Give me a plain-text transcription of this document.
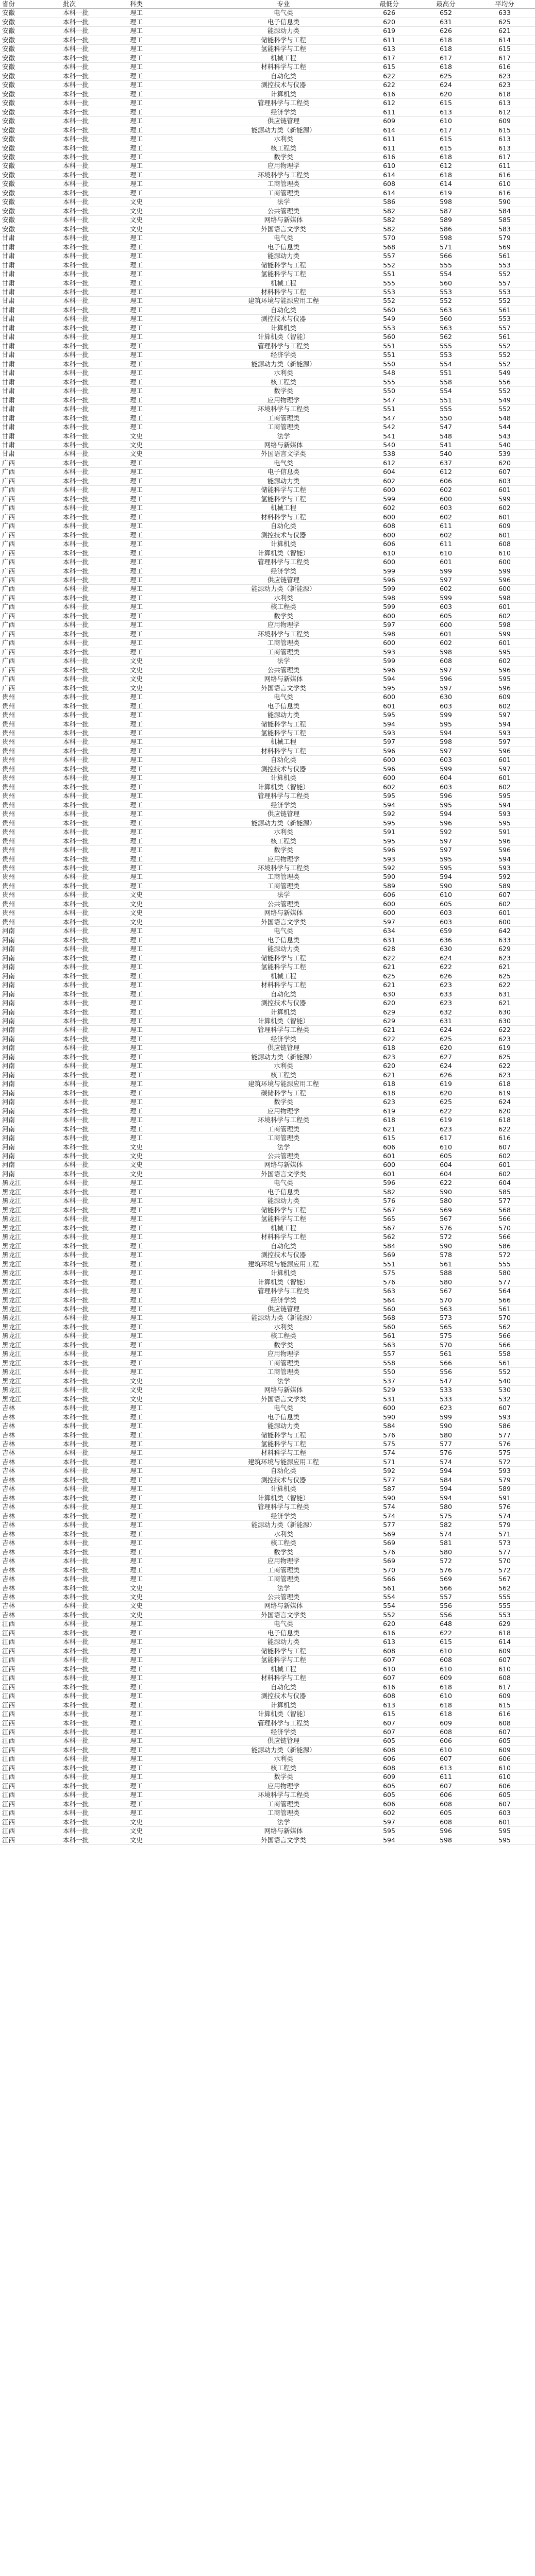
省份	批次	科类	专业	最低分	最高分	平均分
安徽	本科一批	理工	电气类	626	652	633
安徽	本科一批	理工	电子信息类	620	631	625
安徽	本科一批	理工	能源动力类	619	626	621
安徽	本科一批	理工	储能科学与工程	611	618	614
安徽	本科一批	理工	氢能科学与工程	613	618	615
安徽	本科一批	理工	机械工程	617	617	617
安徽	本科一批	理工	材料科学与工程	615	618	616
安徽	本科一批	理工	自动化类	622	625	623
安徽	本科一批	理工	测控技术与仪器	622	624	623
安徽	本科一批	理工	计算机类	616	620	618
安徽	本科一批	理工	管理科学与工程类	612	615	613
安徽	本科一批	理工	经济学类	611	613	612
安徽	本科一批	理工	供应链管理	609	610	609
安徽	本科一批	理工	能源动力类（新能源）	614	617	615
安徽	本科一批	理工	水利类	611	615	613
安徽	本科一批	理工	核工程类	611	615	613
安徽	本科一批	理工	数学类	616	618	617
安徽	本科一批	理工	应用物理学	610	612	611
安徽	本科一批	理工	环境科学与工程类	614	618	616
安徽	本科一批	理工	工商管理类	608	614	610
安徽	本科一批	理工	工商管理类	614	619	616
安徽	本科一批	文史	法学	586	598	590
安徽	本科一批	文史	公共管理类	582	587	584
安徽	本科一批	文史	网络与新媒体	582	589	585
安徽	本科一批	文史	外国语言文学类	582	586	583
甘肃	本科一批	理工	电气类	570	598	579
甘肃	本科一批	理工	电子信息类	568	571	569
甘肃	本科一批	理工	能源动力类	557	566	561
甘肃	本科一批	理工	储能科学与工程	552	555	553
甘肃	本科一批	理工	氢能科学与工程	551	554	552
甘肃	本科一批	理工	机械工程	555	560	557
甘肃	本科一批	理工	材料科学与工程	553	553	553
甘肃	本科一批	理工	建筑环境与能源应用工程	552	552	552
甘肃	本科一批	理工	自动化类	560	563	561
甘肃	本科一批	理工	测控技术与仪器	549	560	553
甘肃	本科一批	理工	计算机类	553	563	557
甘肃	本科一批	理工	计算机类（智能）	560	562	561
甘肃	本科一批	理工	管理科学与工程类	551	555	552
甘肃	本科一批	理工	经济学类	551	553	552
甘肃	本科一批	理工	能源动力类（新能源）	550	554	552
甘肃	本科一批	理工	水利类	548	551	549
甘肃	本科一批	理工	核工程类	555	558	556
甘肃	本科一批	理工	数学类	550	554	552
甘肃	本科一批	理工	应用物理学	547	551	549
甘肃	本科一批	理工	环境科学与工程类	551	555	552
甘肃	本科一批	理工	工商管理类	547	550	548
甘肃	本科一批	理工	工商管理类	542	547	544
甘肃	本科一批	文史	法学	541	548	543
甘肃	本科一批	文史	网络与新媒体	540	541	540
甘肃	本科一批	文史	外国语言文学类	538	540	539
广西	本科一批	理工	电气类	612	637	620
广西	本科一批	理工	电子信息类	604	612	607
广西	本科一批	理工	能源动力类	602	606	603
广西	本科一批	理工	储能科学与工程	600	602	601
广西	本科一批	理工	氢能科学与工程	599	600	599
广西	本科一批	理工	机械工程	602	603	602
广西	本科一批	理工	材料科学与工程	600	602	601
广西	本科一批	理工	自动化类	608	611	609
广西	本科一批	理工	测控技术与仪器	600	602	601
广西	本科一批	理工	计算机类	606	611	608
广西	本科一批	理工	计算机类（智能）	610	610	610
广西	本科一批	理工	管理科学与工程类	600	601	600
广西	本科一批	理工	经济学类	599	599	599
广西	本科一批	理工	供应链管理	596	597	596
广西	本科一批	理工	能源动力类（新能源）	599	602	600
广西	本科一批	理工	水利类	598	599	598
广西	本科一批	理工	核工程类	599	603	601
广西	本科一批	理工	数学类	600	605	602
广西	本科一批	理工	应用物理学	597	600	598
广西	本科一批	理工	环境科学与工程类	598	601	599
广西	本科一批	理工	工商管理类	600	602	601
广西	本科一批	理工	工商管理类	593	598	595
广西	本科一批	文史	法学	599	608	602
广西	本科一批	文史	公共管理类	596	597	596
广西	本科一批	文史	网络与新媒体	594	596	595
广西	本科一批	文史	外国语言文学类	595	597	596
贵州	本科一批	理工	电气类	600	630	609
贵州	本科一批	理工	电子信息类	601	603	602
贵州	本科一批	理工	能源动力类	595	599	597
贵州	本科一批	理工	储能科学与工程	594	595	594
贵州	本科一批	理工	氢能科学与工程	593	594	593
贵州	本科一批	理工	机械工程	597	598	597
贵州	本科一批	理工	材料科学与工程	596	597	596
贵州	本科一批	理工	自动化类	600	603	601
贵州	本科一批	理工	测控技术与仪器	596	599	597
贵州	本科一批	理工	计算机类	600	604	601
贵州	本科一批	理工	计算机类（智能）	602	603	602
贵州	本科一批	理工	管理科学与工程类	595	596	595
贵州	本科一批	理工	经济学类	594	595	594
贵州	本科一批	理工	供应链管理	592	594	593
贵州	本科一批	理工	能源动力类（新能源）	595	596	595
贵州	本科一批	理工	水利类	591	592	591
贵州	本科一批	理工	核工程类	595	597	596
贵州	本科一批	理工	数学类	596	597	596
贵州	本科一批	理工	应用物理学	593	595	594
贵州	本科一批	理工	环境科学与工程类	592	595	593
贵州	本科一批	理工	工商管理类	590	594	592
贵州	本科一批	理工	工商管理类	589	590	589
贵州	本科一批	文史	法学	606	610	607
贵州	本科一批	文史	公共管理类	600	605	602
贵州	本科一批	文史	网络与新媒体	600	603	601
贵州	本科一批	文史	外国语言文学类	597	603	600
河南	本科一批	理工	电气类	634	659	642
河南	本科一批	理工	电子信息类	631	636	633
河南	本科一批	理工	能源动力类	628	630	629
河南	本科一批	理工	储能科学与工程	622	624	623
河南	本科一批	理工	氢能科学与工程	621	622	621
河南	本科一批	理工	机械工程	625	626	625
河南	本科一批	理工	材料科学与工程	621	623	622
河南	本科一批	理工	自动化类	630	633	631
河南	本科一批	理工	测控技术与仪器	620	623	621
河南	本科一批	理工	计算机类	629	632	630
河南	本科一批	理工	计算机类（智能）	629	631	630
河南	本科一批	理工	管理科学与工程类	621	624	622
河南	本科一批	理工	经济学类	622	625	623
河南	本科一批	理工	供应链管理	618	620	619
河南	本科一批	理工	能源动力类（新能源）	623	627	625
河南	本科一批	理工	水利类	620	624	622
河南	本科一批	理工	核工程类	621	626	623
河南	本科一批	理工	建筑环境与能源应用工程	618	619	618
河南	本科一批	理工	碳储科学与工程	618	620	619
河南	本科一批	理工	数学类	623	625	624
河南	本科一批	理工	应用物理学	619	622	620
河南	本科一批	理工	环境科学与工程类	618	619	618
河南	本科一批	理工	工商管理类	621	623	622
河南	本科一批	理工	工商管理类	615	617	616
河南	本科一批	文史	法学	606	610	607
河南	本科一批	文史	公共管理类	601	605	602
河南	本科一批	文史	网络与新媒体	600	604	601
河南	本科一批	文史	外国语言文学类	601	604	602
黑龙江	本科一批	理工	电气类	596	622	604
黑龙江	本科一批	理工	电子信息类	582	590	585
黑龙江	本科一批	理工	能源动力类	576	580	577
黑龙江	本科一批	理工	储能科学与工程	567	569	568
黑龙江	本科一批	理工	氢能科学与工程	565	567	566
黑龙江	本科一批	理工	机械工程	567	576	570
黑龙江	本科一批	理工	材料科学与工程	562	572	566
黑龙江	本科一批	理工	自动化类	584	590	586
黑龙江	本科一批	理工	测控技术与仪器	569	578	572
黑龙江	本科一批	理工	建筑环境与能源应用工程	551	561	555
黑龙江	本科一批	理工	计算机类	575	588	580
黑龙江	本科一批	理工	计算机类（智能）	576	580	577
黑龙江	本科一批	理工	管理科学与工程类	563	567	564
黑龙江	本科一批	理工	经济学类	564	570	566
黑龙江	本科一批	理工	供应链管理	560	563	561
黑龙江	本科一批	理工	能源动力类（新能源）	568	573	570
黑龙江	本科一批	理工	水利类	560	565	562
黑龙江	本科一批	理工	核工程类	561	575	566
黑龙江	本科一批	理工	数学类	563	570	566
黑龙江	本科一批	理工	应用物理学	557	561	558
黑龙江	本科一批	理工	工商管理类	558	566	561
黑龙江	本科一批	理工	工商管理类	550	556	552
黑龙江	本科一批	文史	法学	537	547	540
黑龙江	本科一批	文史	网络与新媒体	529	533	530
黑龙江	本科一批	文史	外国语言文学类	531	533	532
吉林	本科一批	理工	电气类	600	623	607
吉林	本科一批	理工	电子信息类	590	599	593
吉林	本科一批	理工	能源动力类	584	590	586
吉林	本科一批	理工	储能科学与工程	576	580	577
吉林	本科一批	理工	氢能科学与工程	575	577	576
吉林	本科一批	理工	材料科学与工程	574	576	575
吉林	本科一批	理工	建筑环境与能源应用工程	571	574	572
吉林	本科一批	理工	自动化类	592	594	593
吉林	本科一批	理工	测控技术与仪器	577	584	579
吉林	本科一批	理工	计算机类	587	594	589
吉林	本科一批	理工	计算机类（智能）	590	594	591
吉林	本科一批	理工	管理科学与工程类	574	580	576
吉林	本科一批	理工	经济学类	574	575	574
吉林	本科一批	理工	能源动力类（新能源）	577	582	579
吉林	本科一批	理工	水利类	569	574	571
吉林	本科一批	理工	核工程类	569	581	573
吉林	本科一批	理工	数学类	576	580	577
吉林	本科一批	理工	应用物理学	569	572	570
吉林	本科一批	理工	工商管理类	570	576	572
吉林	本科一批	理工	工商管理类	566	569	567
吉林	本科一批	文史	法学	561	566	562
吉林	本科一批	文史	公共管理类	554	557	555
吉林	本科一批	文史	网络与新媒体	554	556	555
吉林	本科一批	文史	外国语言文学类	552	556	553
江西	本科一批	理工	电气类	620	648	629
江西	本科一批	理工	电子信息类	616	622	618
江西	本科一批	理工	能源动力类	613	615	614
江西	本科一批	理工	储能科学与工程	608	610	609
江西	本科一批	理工	氢能科学与工程	607	608	607
江西	本科一批	理工	机械工程	610	610	610
江西	本科一批	理工	材料科学与工程	607	609	608
江西	本科一批	理工	自动化类	616	618	617
江西	本科一批	理工	测控技术与仪器	608	610	609
江西	本科一批	理工	计算机类	613	618	615
江西	本科一批	理工	计算机类（智能）	615	618	616
江西	本科一批	理工	管理科学与工程类	607	609	608
江西	本科一批	理工	经济学类	607	608	607
江西	本科一批	理工	供应链管理	605	606	605
江西	本科一批	理工	能源动力类（新能源）	608	610	609
江西	本科一批	理工	水利类	606	607	606
江西	本科一批	理工	核工程类	608	613	610
江西	本科一批	理工	数学类	609	611	610
江西	本科一批	理工	应用物理学	605	607	606
江西	本科一批	理工	环境科学与工程类	605	606	605
江西	本科一批	理工	工商管理类	606	608	607
江西	本科一批	理工	工商管理类	602	605	603
江西	本科一批	文史	法学	597	608	601
江西	本科一批	文史	网络与新媒体	595	596	595
江西	本科一批	文史	外国语言文学类	594	598	595
